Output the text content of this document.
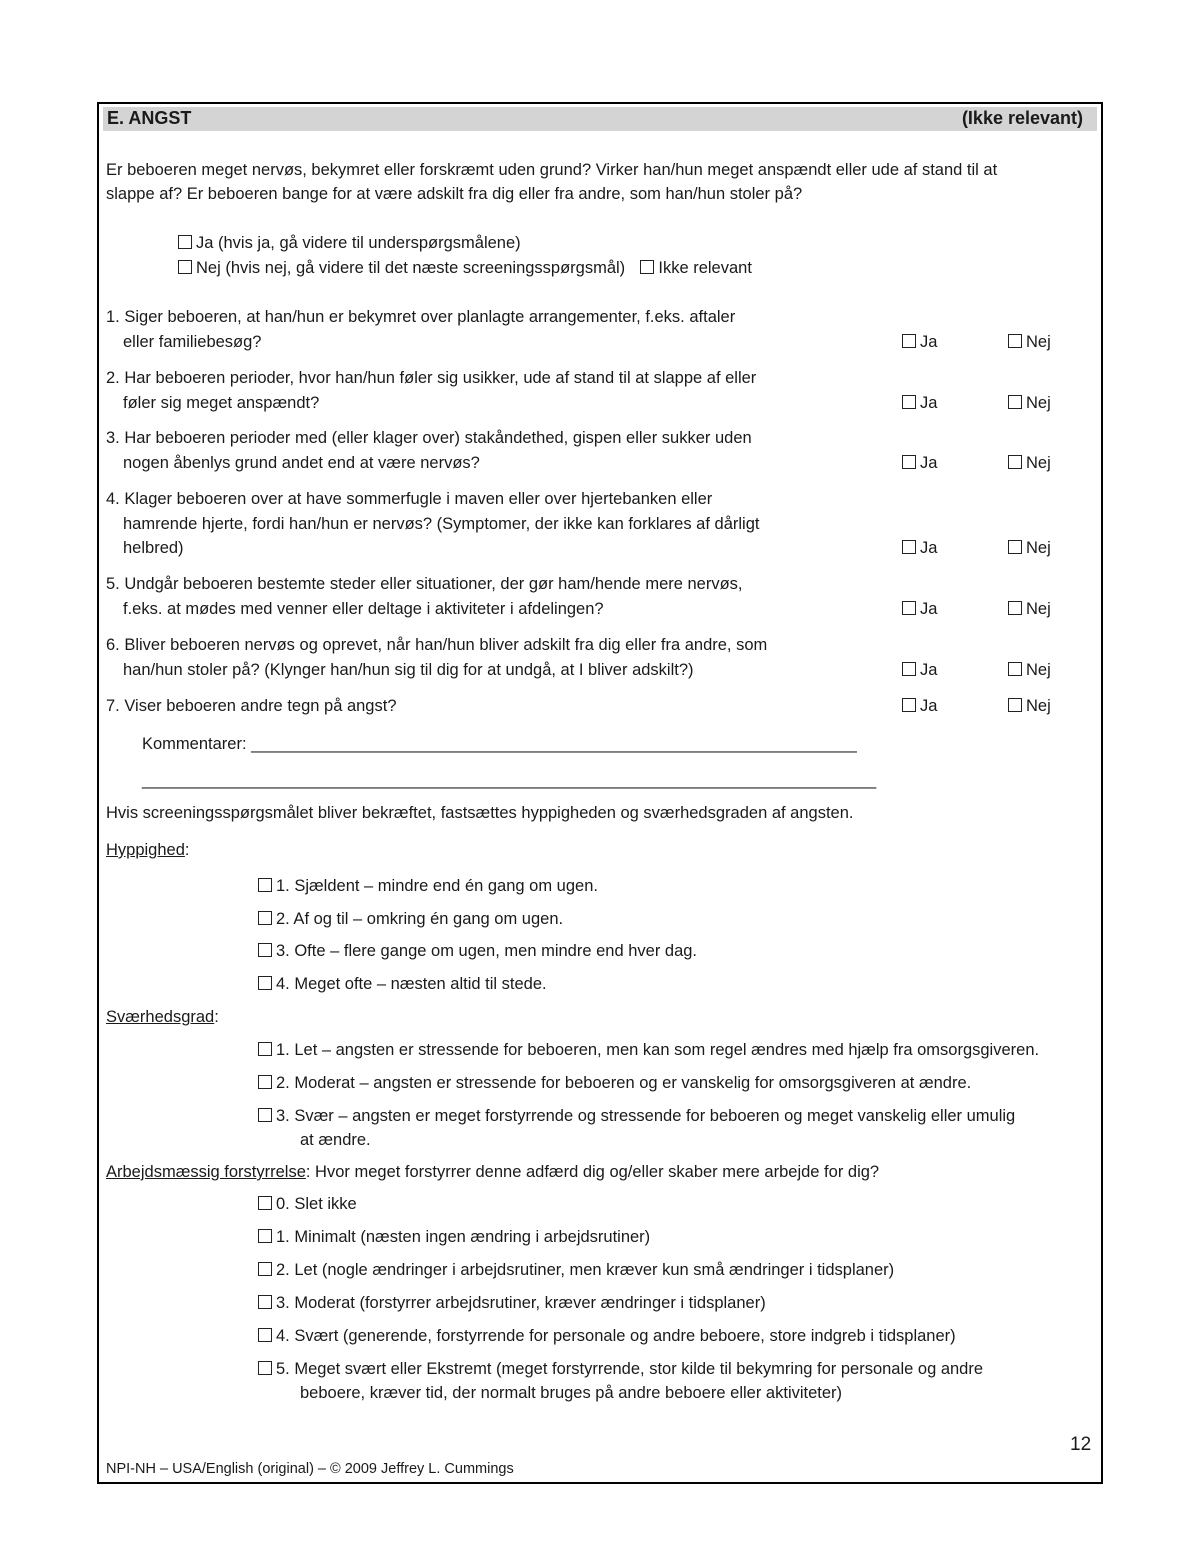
E. ANGST	(Ikke relevant)
Er beboeren meget nervøs, bekymret eller forskræmt uden grund? Virker han/hun meget anspændt eller ude af stand til at
slappe af? Er beboeren bange for at være adskilt fra dig eller fra andre, som han/hun stoler på?
Ja (hvis ja, gå videre til underspørgsmålene)
Nej (hvis nej, gå videre til det næste screeningsspørgsmål) Ikke relevant
1. Siger beboeren, at han/hun er bekymret over planlagte arrangementer, f.eks. aftaler
eller familiebesøg?	Ja	Nej
2. Har beboeren perioder, hvor han/hun føler sig usikker, ude af stand til at slappe af eller
føler sig meget anspændt?	Ja	Nej
3. Har beboeren perioder med (eller klager over) stakåndethed, gispen eller sukker uden
nogen åbenlys grund andet end at være nervøs?	Ja	Nej
4. Klager beboeren over at have sommerfugle i maven eller over hjertebanken eller
hamrende hjerte, fordi han/hun er nervøs? (Symptomer, der ikke kan forklares af dårligt
helbred)	Ja	Nej
5. Undgår beboeren bestemte steder eller situationer, der gør ham/hende mere nervøs,
f.eks. at mødes med venner eller deltage i aktiviteter i afdelingen?	Ja	Nej
6. Bliver beboeren nervøs og oprevet, når han/hun bliver adskilt fra dig eller fra andre, som
han/hun stoler på? (Klynger han/hun sig til dig for at undgå, at I bliver adskilt?)	Ja	Nej
7. Viser beboeren andre tegn på angst?	Ja	Nej
Kommentarer: __________________________________________________________________
________________________________________________________________________________
Hvis screeningsspørgsmålet bliver bekræftet, fastsættes hyppigheden og sværhedsgraden af angsten.
Hyppighed:
1. Sjældent – mindre end én gang om ugen.
2. Af og til – omkring én gang om ugen.
3. Ofte – flere gange om ugen, men mindre end hver dag.
4. Meget ofte – næsten altid til stede.
Sværhedsgrad:
1. Let – angsten er stressende for beboeren, men kan som regel ændres med hjælp fra omsorgsgiveren.
2. Moderat – angsten er stressende for beboeren og er vanskelig for omsorgsgiveren at ændre.
3. Svær – angsten er meget forstyrrende og stressende for beboeren og meget vanskelig eller umulig
at ændre.
Arbejdsmæssig forstyrrelse: Hvor meget forstyrrer denne adfærd dig og/eller skaber mere arbejde for dig?
0. Slet ikke
1. Minimalt (næsten ingen ændring i arbejdsrutiner)
2. Let (nogle ændringer i arbejdsrutiner, men kræver kun små ændringer i tidsplaner)
3. Moderat (forstyrrer arbejdsrutiner, kræver ændringer i tidsplaner)
4. Svært (generende, forstyrrende for personale og andre beboere, store indgreb i tidsplaner)
5. Meget svært eller Ekstremt (meget forstyrrende, stor kilde til bekymring for personale og andre
beboere, kræver tid, der normalt bruges på andre beboere eller aktiviteter)
12
NPI-NH – USA/English (original) – © 2009 Jeffrey L. Cummings
